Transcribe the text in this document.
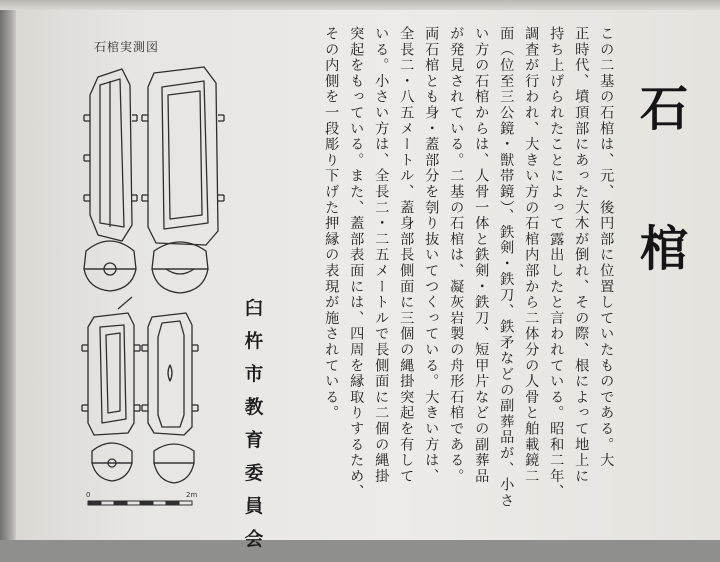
石
棺
この二基の石棺は、元、後円部に位置していたものである。大
正時代、墳頂部にあった大木が倒れ、その際、根によって地上に
持ち上げられたことによって露出したと言われている。昭和二年、
調査が行われ、大きい方の石棺内部から二体分の人骨と舶載鏡二
面（位至三公鏡・獣帯鏡）、鉄剣・鉄刀、鉄矛などの副葬品が、小さ
い方の石棺からは、人骨一体と鉄剣・鉄刀、短甲片などの副葬品
が発見されている。二基の石棺は、凝灰岩製の舟形石棺である。
両石棺とも身・蓋部分を刳り抜いてつくっている。大きい方は、
全長二・八五メートル、蓋身部長側面に三個の縄掛突起を有して
いる。小さい方は、全長二・二五メートルで長側面に二個の縄掛
突起をもっている。また、蓋部表面には、四周を縁取りするため、
その内側を一段彫り下げた押縁の表現が施されている。
臼杵市教育委員会
石棺実測図
0	2m
